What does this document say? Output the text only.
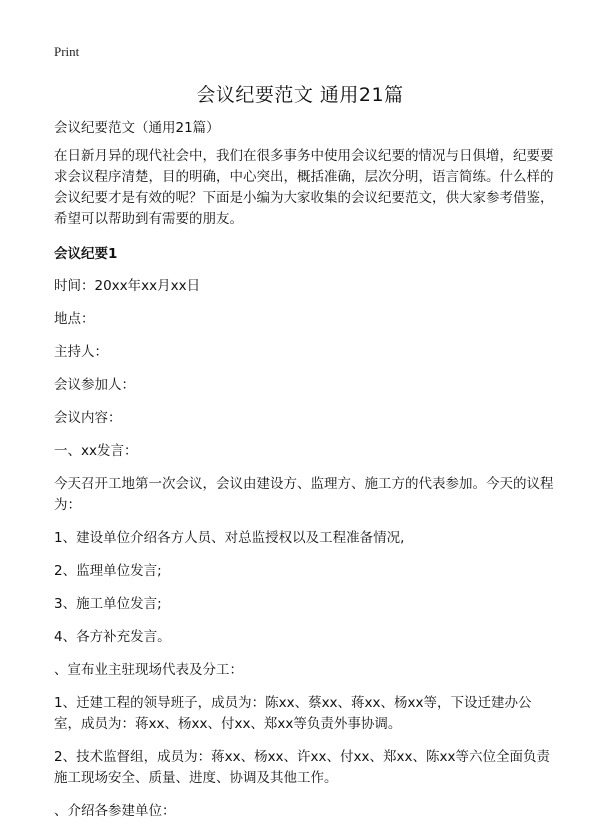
Print
会议纪要范文 通用21篇

会议纪要范文（通用21篇）

在日新月异的现代社会中，我们在很多事务中使用会议纪要的情况与日俱增，纪要要求会议程序清楚，目的明确，中心突出，概括准确，层次分明，语言简练。什么样的会议纪要才是有效的呢？下面是小编为大家收集的会议纪要范文，供大家参考借鉴，希望可以帮助到有需要的朋友。

会议纪要1

时间：20xx年xx月xx日

地点：

主持人：

会议参加人：

会议内容：

一、xx发言：

今天召开工地第一次会议，会议由建设方、监理方、施工方的代表参加。今天的议程为：

1、建设单位介绍各方人员、对总监授权以及工程准备情况,

2、监理单位发言;

3、施工单位发言;

4、各方补充发言。

、宣布业主驻现场代表及分工：

1、迁建工程的领导班子，成员为：陈xx、蔡xx、蒋xx、杨xx等，下设迁建办公室，成员为：蒋xx、杨xx、付xx、郑xx等负责外事协调。

2、技术监督组，成员为：蒋xx、杨xx、许xx、付xx、郑xx、陈xx等六位全面负责施工现场安全、质量、进度、协调及其他工作。

、介绍各参建单位：
